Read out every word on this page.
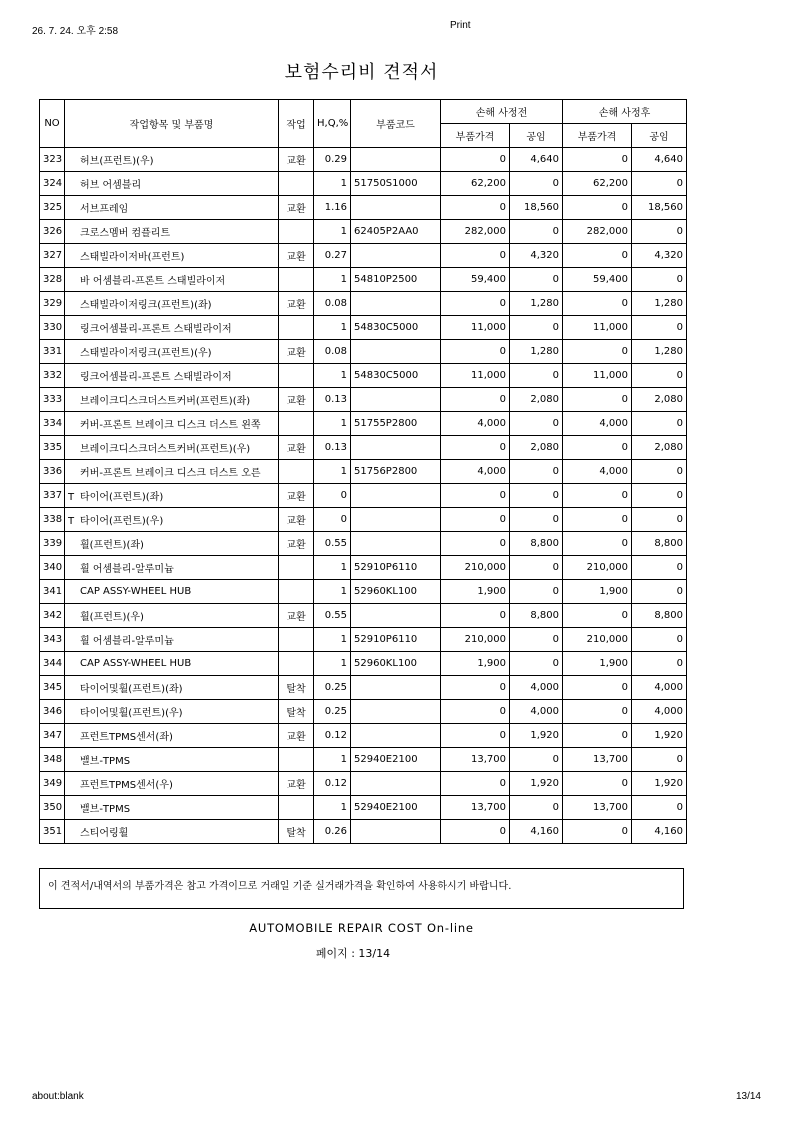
26. 7. 24. 오후 2:58
Print
보험수리비 견적서
NO	작업항목 및 부품명	작업	H,Q,%	부품코드	손해 사정전		손해 사정후	
					부품가격	공임	부품가격	공임
323	허브(프런트)(우)	교환	0.29		0	4,640	0	4,640
324	허브 어셈블리		1	51750S1000	62,200	0	62,200	0
325	서브프레임	교환	1.16		0	18,560	0	18,560
326	크로스멤버 컴플리트		1	62405P2AA0	282,000	0	282,000	0
327	스태빌라이저바(프런트)	교환	0.27		0	4,320	0	4,320
328	바 어셈블리-프론트 스태빌라이저		1	54810P2500	59,400	0	59,400	0
329	스태빌라이저링크(프런트)(좌)	교환	0.08		0	1,280	0	1,280
330	링크어셈블리-프론트 스태빌라이저		1	54830C5000	11,000	0	11,000	0
331	스태빌라이저링크(프런트)(우)	교환	0.08		0	1,280	0	1,280
332	링크어셈블리-프론트 스태빌라이저		1	54830C5000	11,000	0	11,000	0
333	브레이크디스크더스트커버(프런트)(좌)	교환	0.13		0	2,080	0	2,080
334	커버-프론트 브레이크 디스크 더스트 왼쪽		1	51755P2800	4,000	0	4,000	0
335	브레이크디스크더스트커버(프런트)(우)	교환	0.13		0	2,080	0	2,080
336	커버-프론트 브레이크 디스크 더스트 오른		1	51756P2800	4,000	0	4,000	0
337	T 타이어(프런트)(좌)	교환	0		0	0	0	0
338	T 타이어(프런트)(우)	교환	0		0	0	0	0
339	휠(프런트)(좌)	교환	0.55		0	8,800	0	8,800
340	휠 어셈블리-알루미늄		1	52910P6110	210,000	0	210,000	0
341	CAP ASSY-WHEEL HUB		1	52960KL100	1,900	0	1,900	0
342	휠(프런트)(우)	교환	0.55		0	8,800	0	8,800
343	휠 어셈블리-알루미늄		1	52910P6110	210,000	0	210,000	0
344	CAP ASSY-WHEEL HUB		1	52960KL100	1,900	0	1,900	0
345	타이어및휠(프런트)(좌)	탈착	0.25		0	4,000	0	4,000
346	타이어및휠(프런트)(우)	탈착	0.25		0	4,000	0	4,000
347	프런트TPMS센서(좌)	교환	0.12		0	1,920	0	1,920
348	밸브-TPMS		1	52940E2100	13,700	0	13,700	0
349	프런트TPMS센서(우)	교환	0.12		0	1,920	0	1,920
350	밸브-TPMS		1	52940E2100	13,700	0	13,700	0
351	스티어링휠	탈착	0.26		0	4,160	0	4,160
이 견적서/내역서의 부품가격은 참고 가격이므로 거래일 기준 실거래가격을 확인하여 사용하시기 바랍니다.
AUTOMOBILE REPAIR COST On-line
페이지 : 13/14
about:blank	13/14
